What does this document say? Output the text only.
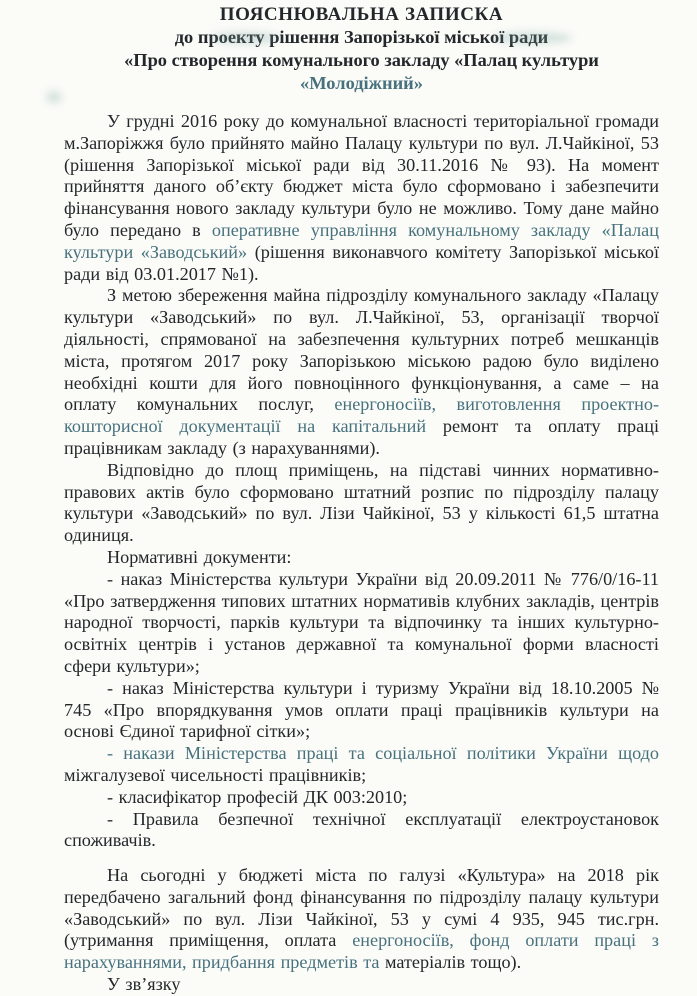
ПОЯСНЮВАЛЬНА ЗАПИСКА
до проекту рішення Запорізької міської ради
«Про створення комунального закладу «Палац культури «Молодіжний»

У грудні 2016 року до комунальної власності територіальної громади м.Запоріжжя було прийнято майно Палацу культури по вул. Л.Чайкіної, 53 (рішення Запорізької міської ради від 30.11.2016 № 93). На момент прийняття даного об’єкту бюджет міста було сформовано і забезпечити фінансування нового закладу культури було не можливо. Тому дане майно було передано в оперативне управління комунальному закладу «Палац культури «Заводський» (рішення виконавчого комітету Запорізької міської ради від 03.01.2017 №1).

З метою збереження майна підрозділу комунального закладу «Палацу культури «Заводський» по вул. Л.Чайкіної, 53, організації творчої діяльності, спрямованої на забезпечення культурних потреб мешканців міста, протягом 2017 року Запорізькою міською радою було виділено необхідні кошти для його повноцінного функціонування, а саме – на оплату комунальних послуг, енергоносіїв, виготовлення проектно-кошторисної документації на капітальний ремонт та оплату праці працівникам закладу (з нарахуваннями).

Відповідно до площ приміщень, на підставі чинних нормативно-правових актів було сформовано штатний розпис по підрозділу палацу культури «Заводський» по вул. Лізи Чайкіної, 53 у кількості 61,5 штатна одиниця.

Нормативні документи:

- наказ Міністерства культури України від 20.09.2011 № 776/0/16-11 «Про затвердження типових штатних нормативів клубних закладів, центрів народної творчості, парків культури та відпочинку та інших культурно-освітніх центрів і установ державної та комунальної форми власності сфери культури»;

- наказ Міністерства культури і туризму України від 18.10.2005 № 745 «Про впорядкування умов оплати праці працівників культури на основі Єдиної тарифної сітки»;

- накази Міністерства праці та соціальної політики України щодо міжгалузевої чисельності працівників;

- класифікатор професій ДК 003:2010;

- Правила безпечної технічної експлуатації електроустановок споживачів.

На сьогодні у бюджеті міста по галузі «Культура» на 2018 рік передбачено загальний фонд фінансування по підрозділу палацу культури «Заводський» по вул. Лізи Чайкіної, 53 у сумі 4 935, 945 тис.грн. (утримання приміщення, оплата енергоносіїв, фонд оплати праці з нарахуваннями, придбання предметів та матеріалів тощо).

У зв’язку
